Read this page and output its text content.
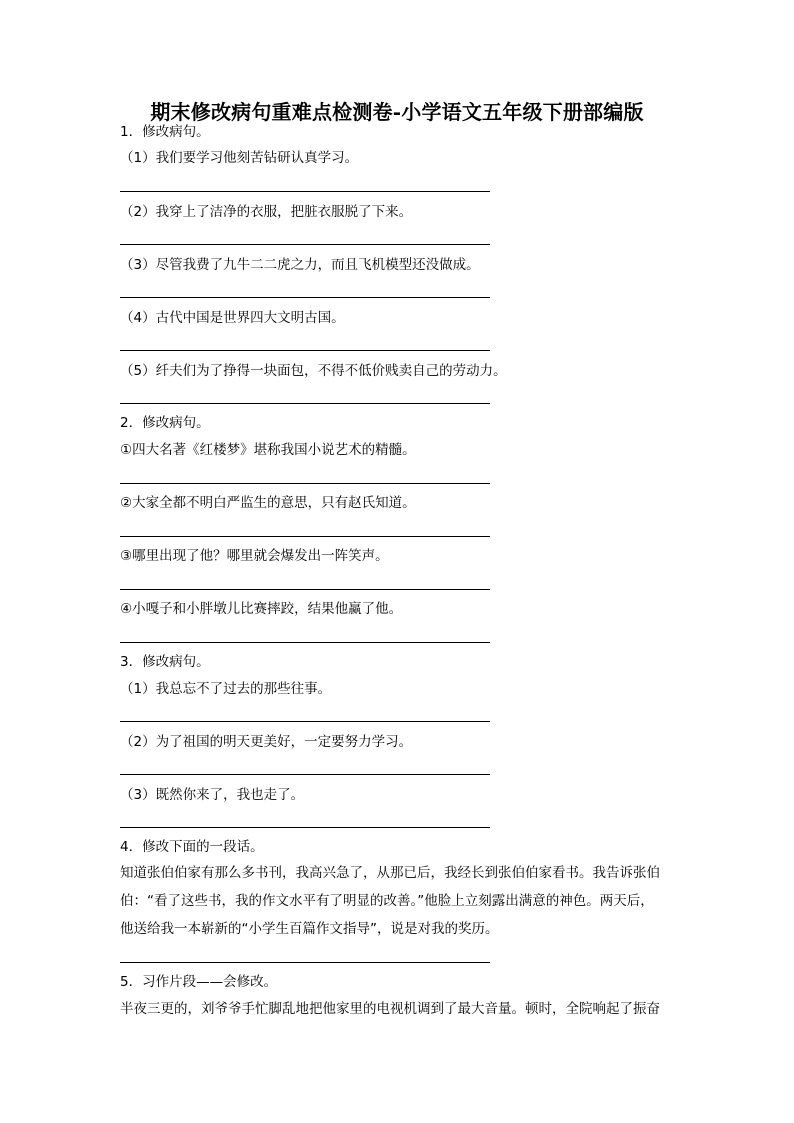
期末修改病句重难点检测卷-小学语文五年级下册部编版
1．修改病句。
（1）我们要学习他刻苦钻研认真学习。
（2）我穿上了洁净的衣服，把脏衣服脱了下来。
（3）尽管我费了九牛二二虎之力，而且飞机模型还没做成。
（4）古代中国是世界四大文明古国。
（5）纤夫们为了挣得一块面包，不得不低价贱卖自己的劳动力。
2．修改病句。
①四大名著《红楼梦》堪称我国小说艺术的精髓。
②大家全都不明白严监生的意思，只有赵氏知道。
③哪里出现了他？哪里就会爆发出一阵笑声。
④小嘎子和小胖墩儿比赛摔跤，结果他赢了他。
3．修改病句。
（1）我总忘不了过去的那些往事。
（2）为了祖国的明天更美好，一定要努力学习。
（3）既然你来了，我也走了。
4．修改下面的一段话。
知道张伯伯家有那么多书刊，我高兴急了，从那已后，我经长到张伯伯家看书。我告诉张伯
伯：“看了这些书，我的作文水平有了明显的改善。”他脸上立刻露出满意的神色。两天后，
他送给我一本崭新的“小学生百篇作文指导”，说是对我的奖历。
5．习作片段——会修改。
半夜三更的，刘爷爷手忙脚乱地把他家里的电视机调到了最大音量。顿时，全院响起了振奋
